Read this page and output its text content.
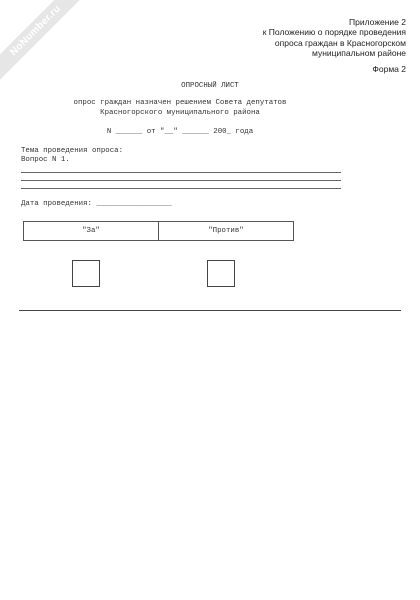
NoNumber.ru	Приложение 2
к Положению о порядке проведения
опроса граждан в Красногорском
муниципальном районе
Форма 2
ОПРОСНЫЙ ЛИСТ
опрос граждан назначен решением Совета депутатов
Красногорского муниципального района
N ______ от "__" ______ 200_ года
Тема проведения опроса:
Вопрос N 1.
Дата проведения: _________________
"За"	"Против"
